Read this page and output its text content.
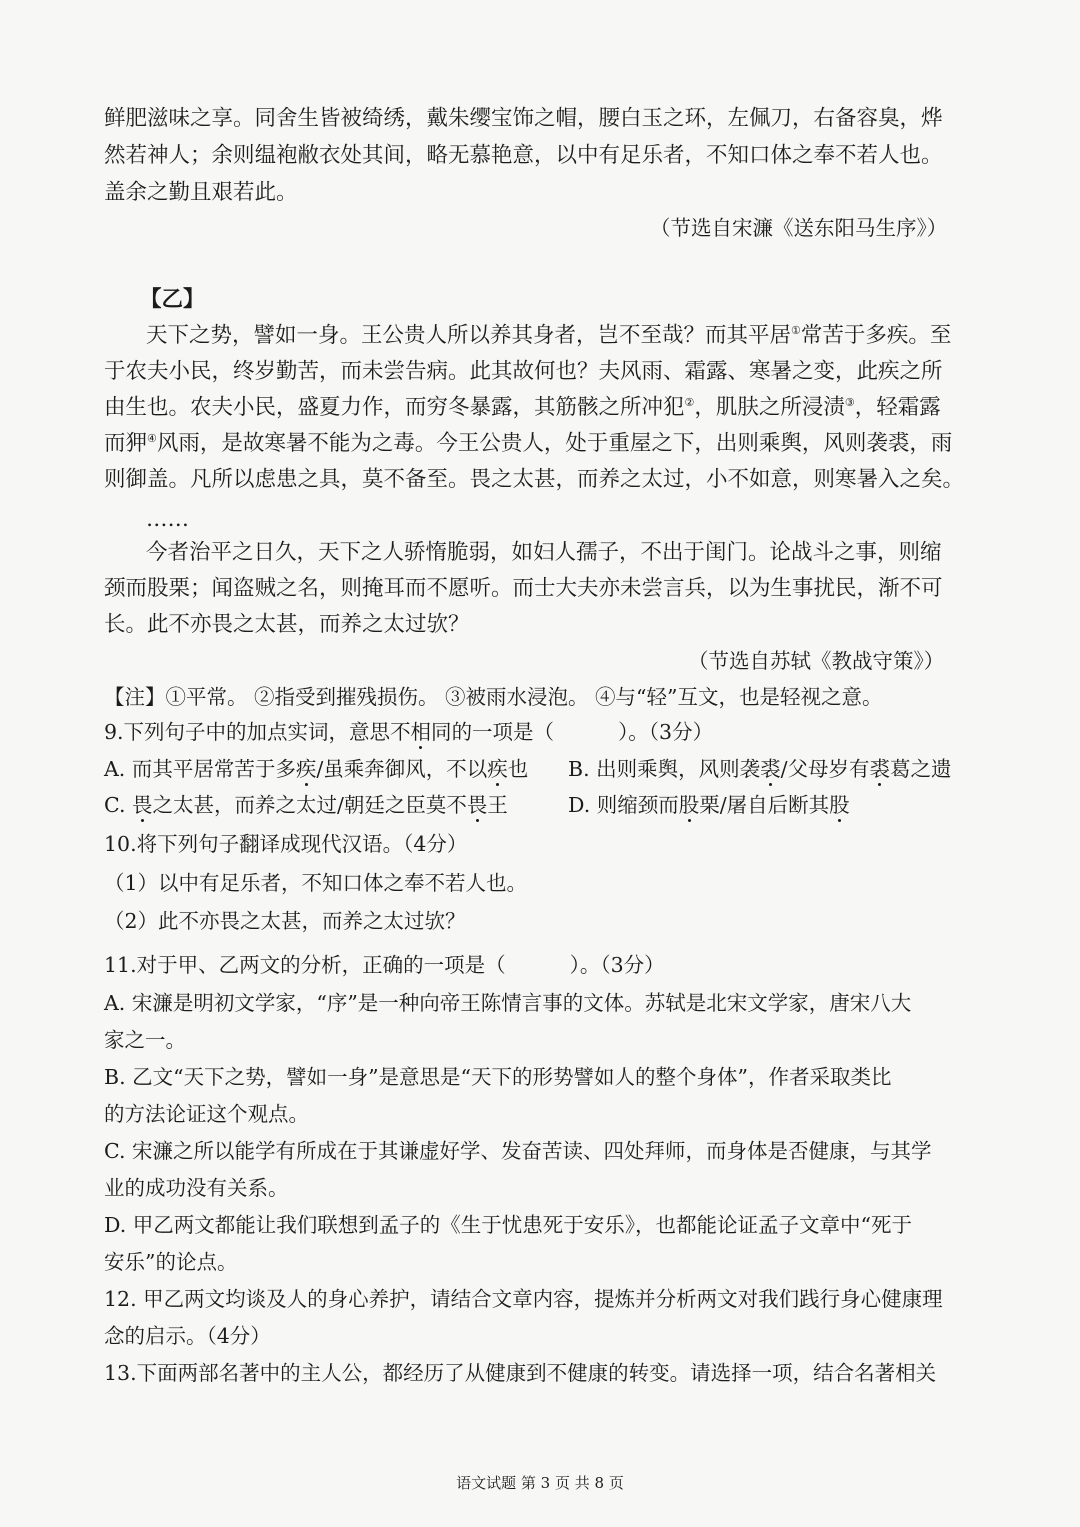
鲜肥滋味之享。同舍生皆被绮绣，戴朱缨宝饰之帽，腰白玉之环，左佩刀，右备容臭，烨
然若神人；余则缊袍敝衣处其间，略无慕艳意，以中有足乐者，不知口体之奉不若人也。
盖余之勤且艰若此。
（节选自宋濂《送东阳马生序》）
【乙】
天下之势，譬如一身。王公贵人所以养其身者，岂不至哉？而其平居①常苦于多疾。至
于农夫小民，终岁勤苦，而未尝告病。此其故何也？夫风雨、霜露、寒暑之变，此疾之所
由生也。农夫小民，盛夏力作，而穷冬暴露，其筋骸之所冲犯②，肌肤之所浸渍③，轻霜露
而狎④风雨，是故寒暑不能为之毒。今王公贵人，处于重屋之下，出则乘舆，风则袭裘，雨
则御盖。凡所以虑患之具，莫不备至。畏之太甚，而养之太过，小不如意，则寒暑入之矣。
……
今者治平之日久，天下之人骄惰脆弱，如妇人孺子，不出于闺门。论战斗之事，则缩
颈而股栗；闻盗贼之名，则掩耳而不愿听。而士大夫亦未尝言兵，以为生事扰民，渐不可
长。此不亦畏之太甚，而养之太过欤？
（节选自苏轼《教战守策》）
【注】①平常。 ②指受到摧残损伤。 ③被雨水浸泡。 ④与“轻”互文，也是轻视之意。
9.下列句子中的加点实词，意思不相同的一项是（	）。（3分）
A. 而其平居常苦于多疾/虽乘奔御风，不以疾也 B. 出则乘舆，风则袭裘/父母岁有裘葛之遗
C. 畏之太甚，而养之太过/朝廷之臣莫不畏王	D. 则缩颈而股栗/屠自后断其股
10.将下列句子翻译成现代汉语。（4分）
（1）以中有足乐者，不知口体之奉不若人也。
（2）此不亦畏之太甚，而养之太过欤？
11.对于甲、乙两文的分析，正确的一项是（	）。（3分）
A. 宋濂是明初文学家，“序”是一种向帝王陈情言事的文体。苏轼是北宋文学家，唐宋八大
家之一。
B. 乙文“天下之势，譬如一身”是意思是“天下的形势譬如人的整个身体”，作者采取类比
的方法论证这个观点。
C. 宋濂之所以能学有所成在于其谦虚好学、发奋苦读、四处拜师，而身体是否健康，与其学
业的成功没有关系。
D. 甲乙两文都能让我们联想到孟子的《生于忧患死于安乐》，也都能论证孟子文章中“死于
安乐”的论点。
12. 甲乙两文均谈及人的身心养护，请结合文章内容，提炼并分析两文对我们践行身心健康理
念的启示。（4分）
13.下面两部名著中的主人公，都经历了从健康到不健康的转变。请选择一项，结合名著相关
语文试题 第 3 页 共 8 页
